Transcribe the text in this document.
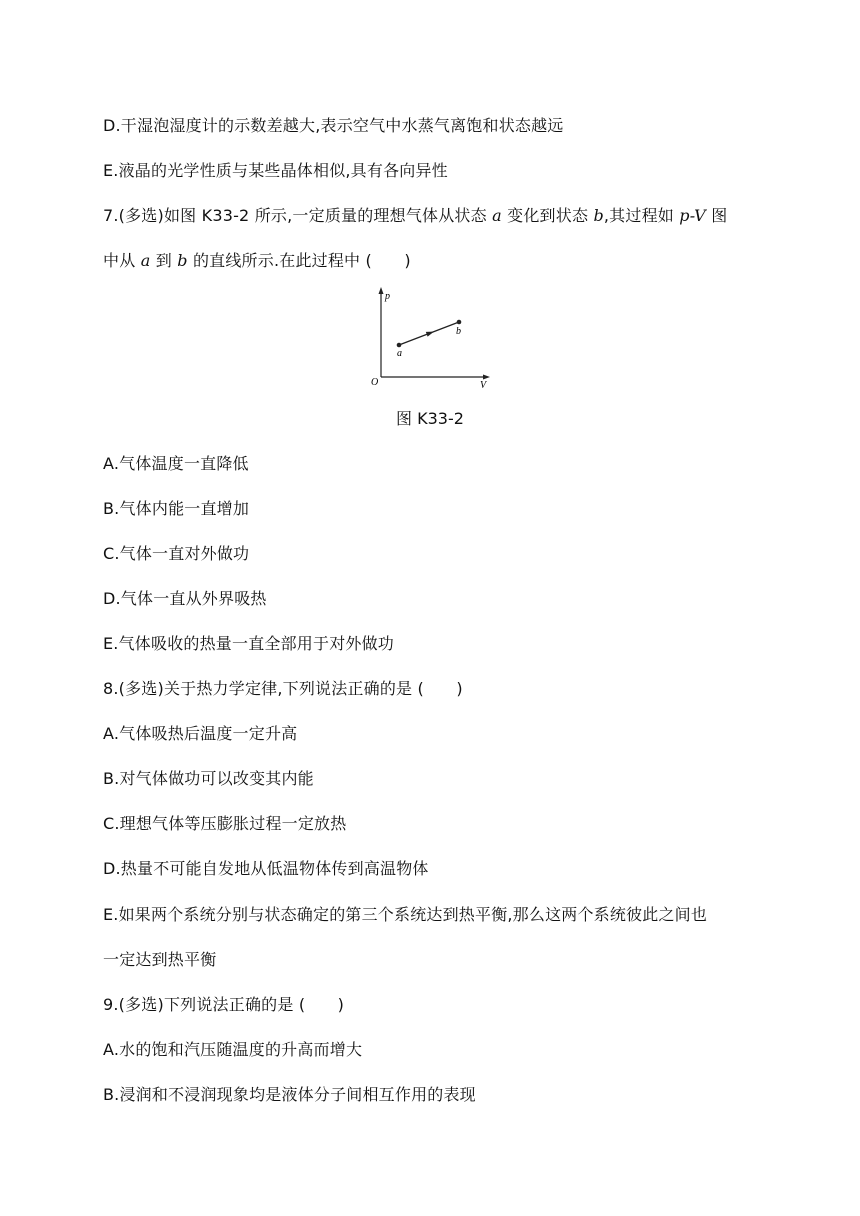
D.干湿泡湿度计的示数差越大,表示空气中水蒸气离饱和状态越远
E.液晶的光学性质与某些晶体相似,具有各向异性
7.(多选)如图 K33-2 所示,一定质量的理想气体从状态 a 变化到状态 b,其过程如 p-V 图
中从 a 到 b 的直线所示.在此过程中 (　　)
p
V
O
a
b
图 K33-2
A.气体温度一直降低
B.气体内能一直增加
C.气体一直对外做功
D.气体一直从外界吸热
E.气体吸收的热量一直全部用于对外做功
8.(多选)关于热力学定律,下列说法正确的是 (　　)
A.气体吸热后温度一定升高
B.对气体做功可以改变其内能
C.理想气体等压膨胀过程一定放热
D.热量不可能自发地从低温物体传到高温物体
E.如果两个系统分别与状态确定的第三个系统达到热平衡,那么这两个系统彼此之间也
一定达到热平衡
9.(多选)下列说法正确的是 (　　)
A.水的饱和汽压随温度的升高而增大
B.浸润和不浸润现象均是液体分子间相互作用的表现
